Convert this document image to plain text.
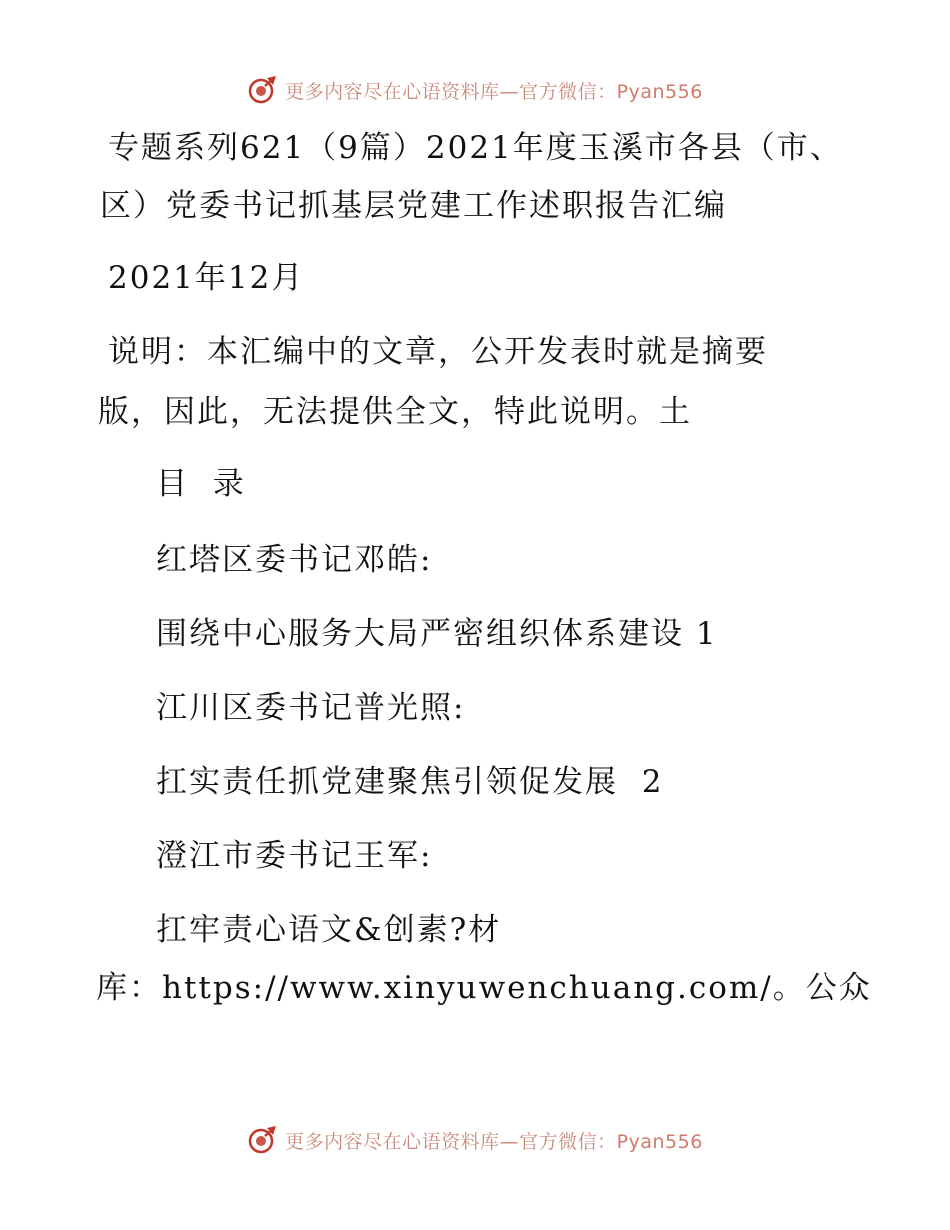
更多内容尽在心语资料库—官方微信：Pyan556
专题系列621（9篇）2021年度玉溪市各县（市、
区）党委书记抓基层党建工作述职报告汇编
2021年12月
说明：本汇编中的文章，公开发表时就是摘要
版，因此，无法提供全文，特此说明。土
目  录
红塔区委书记邓皓:
围绕中心服务大局严密组织体系建设 1
江川区委书记普光照:
扛实责任抓党建聚焦引领促发展  2
澄江市委书记王军:
扛牢责心语文&创素?材
库：https://www.xinyuwenchuang.com/。公众
更多内容尽在心语资料库—官方微信：Pyan556
